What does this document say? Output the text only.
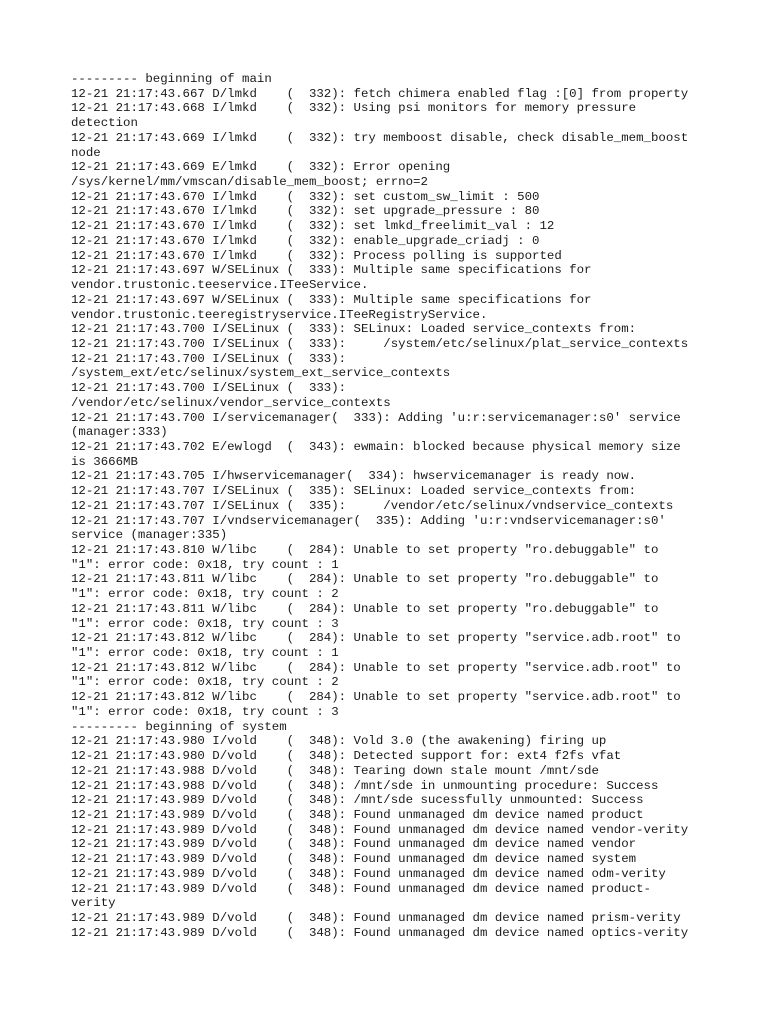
--------- beginning of main
12-21 21:17:43.667 D/lmkd    (  332): fetch chimera enabled flag :[0] from property
12-21 21:17:43.668 I/lmkd    (  332): Using psi monitors for memory pressure
detection
12-21 21:17:43.669 I/lmkd    (  332): try memboost disable, check disable_mem_boost
node
12-21 21:17:43.669 E/lmkd    (  332): Error opening
/sys/kernel/mm/vmscan/disable_mem_boost; errno=2
12-21 21:17:43.670 I/lmkd    (  332): set custom_sw_limit : 500
12-21 21:17:43.670 I/lmkd    (  332): set upgrade_pressure : 80
12-21 21:17:43.670 I/lmkd    (  332): set lmkd_freelimit_val : 12
12-21 21:17:43.670 I/lmkd    (  332): enable_upgrade_criadj : 0
12-21 21:17:43.670 I/lmkd    (  332): Process polling is supported
12-21 21:17:43.697 W/SELinux (  333): Multiple same specifications for
vendor.trustonic.teeservice.ITeeService.
12-21 21:17:43.697 W/SELinux (  333): Multiple same specifications for
vendor.trustonic.teeregistryservice.ITeeRegistryService.
12-21 21:17:43.700 I/SELinux (  333): SELinux: Loaded service_contexts from:
12-21 21:17:43.700 I/SELinux (  333):     /system/etc/selinux/plat_service_contexts
12-21 21:17:43.700 I/SELinux (  333):
/system_ext/etc/selinux/system_ext_service_contexts
12-21 21:17:43.700 I/SELinux (  333):
/vendor/etc/selinux/vendor_service_contexts
12-21 21:17:43.700 I/servicemanager(  333): Adding 'u:r:servicemanager:s0' service
(manager:333)
12-21 21:17:43.702 E/ewlogd  (  343): ewmain: blocked because physical memory size
is 3666MB
12-21 21:17:43.705 I/hwservicemanager(  334): hwservicemanager is ready now.
12-21 21:17:43.707 I/SELinux (  335): SELinux: Loaded service_contexts from:
12-21 21:17:43.707 I/SELinux (  335):     /vendor/etc/selinux/vndservice_contexts
12-21 21:17:43.707 I/vndservicemanager(  335): Adding 'u:r:vndservicemanager:s0'
service (manager:335)
12-21 21:17:43.810 W/libc    (  284): Unable to set property "ro.debuggable" to
"1": error code: 0x18, try count : 1
12-21 21:17:43.811 W/libc    (  284): Unable to set property "ro.debuggable" to
"1": error code: 0x18, try count : 2
12-21 21:17:43.811 W/libc    (  284): Unable to set property "ro.debuggable" to
"1": error code: 0x18, try count : 3
12-21 21:17:43.812 W/libc    (  284): Unable to set property "service.adb.root" to
"1": error code: 0x18, try count : 1
12-21 21:17:43.812 W/libc    (  284): Unable to set property "service.adb.root" to
"1": error code: 0x18, try count : 2
12-21 21:17:43.812 W/libc    (  284): Unable to set property "service.adb.root" to
"1": error code: 0x18, try count : 3
--------- beginning of system
12-21 21:17:43.980 I/vold    (  348): Vold 3.0 (the awakening) firing up
12-21 21:17:43.980 D/vold    (  348): Detected support for: ext4 f2fs vfat
12-21 21:17:43.988 D/vold    (  348): Tearing down stale mount /mnt/sde
12-21 21:17:43.988 D/vold    (  348): /mnt/sde in unmounting procedure: Success
12-21 21:17:43.989 D/vold    (  348): /mnt/sde sucessfully unmounted: Success
12-21 21:17:43.989 D/vold    (  348): Found unmanaged dm device named product
12-21 21:17:43.989 D/vold    (  348): Found unmanaged dm device named vendor-verity
12-21 21:17:43.989 D/vold    (  348): Found unmanaged dm device named vendor
12-21 21:17:43.989 D/vold    (  348): Found unmanaged dm device named system
12-21 21:17:43.989 D/vold    (  348): Found unmanaged dm device named odm-verity
12-21 21:17:43.989 D/vold    (  348): Found unmanaged dm device named product-
verity
12-21 21:17:43.989 D/vold    (  348): Found unmanaged dm device named prism-verity
12-21 21:17:43.989 D/vold    (  348): Found unmanaged dm device named optics-verity
